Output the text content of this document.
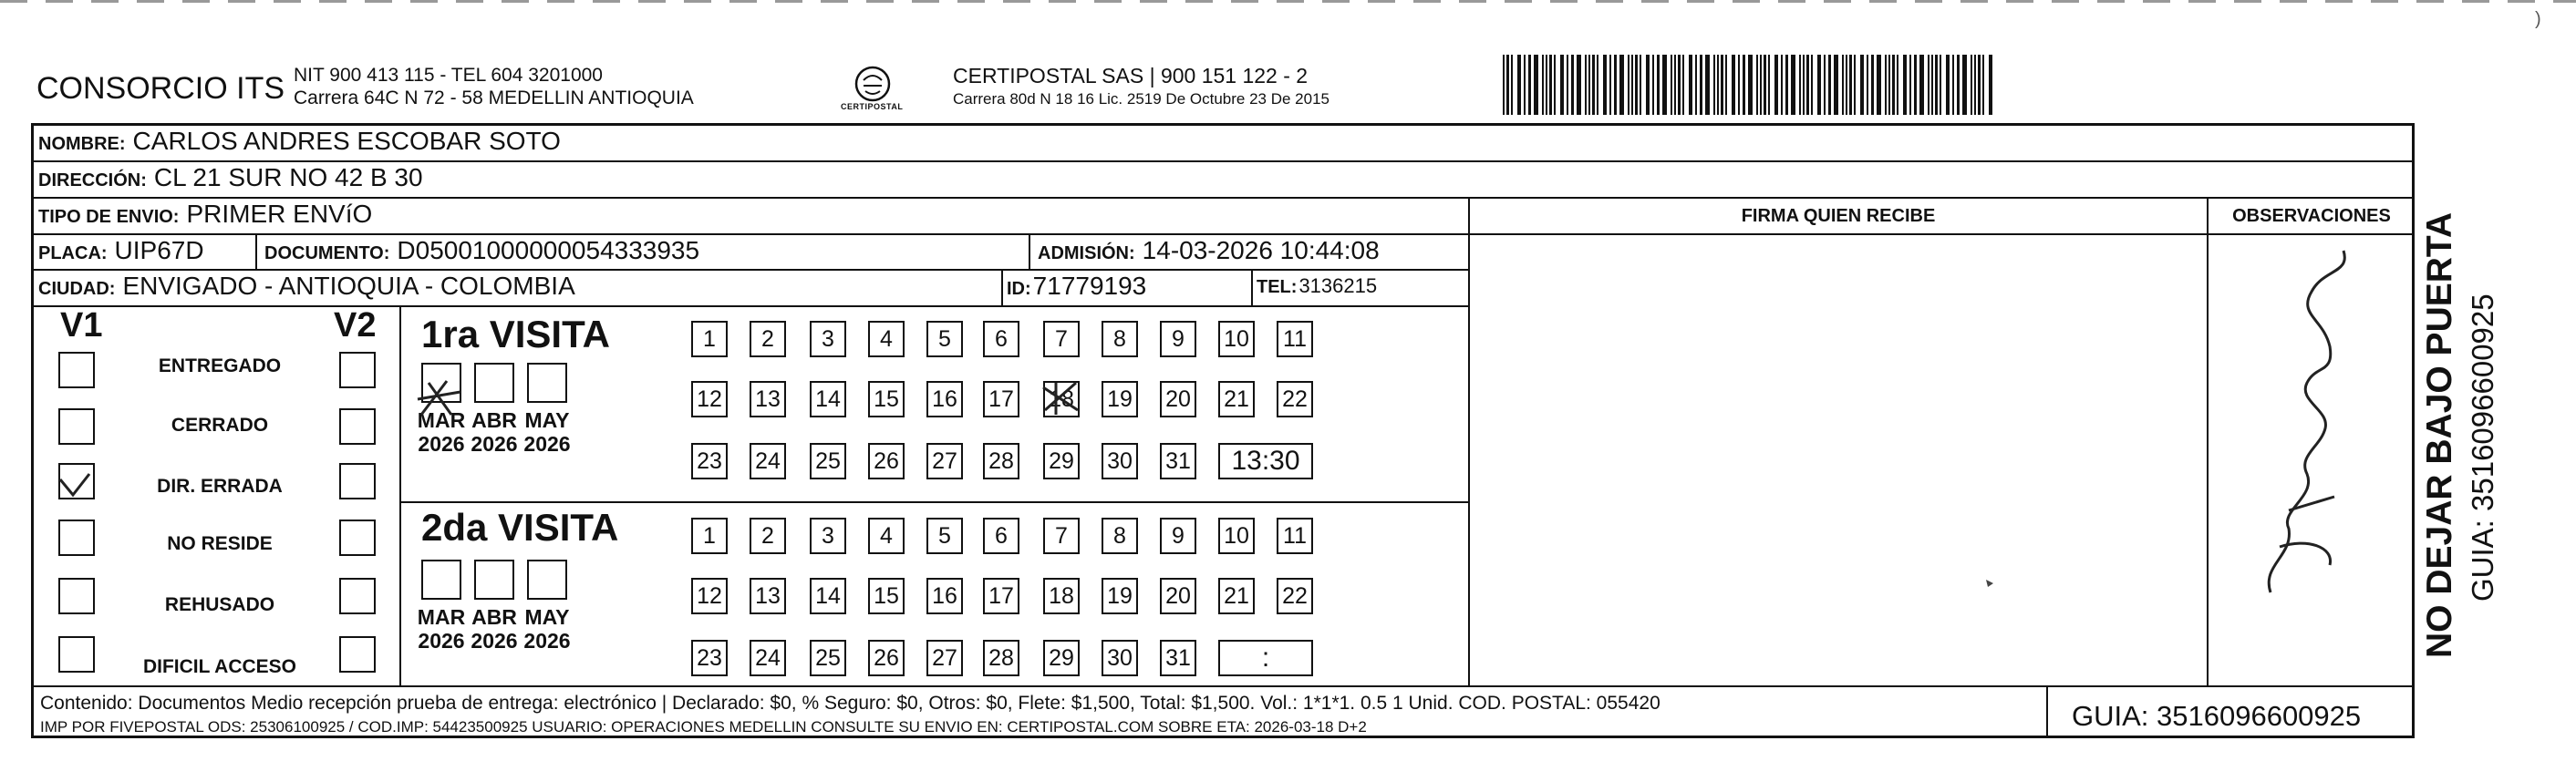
CONSORCIO ITS NIT 900 413 115 - TEL 604 3201000
Carrera 64C N 72 - 58 MEDELLIN ANTIOQUIA	CERTIPOSTAL
CERTIPOSTAL SAS | 900 151 122 - 2
Carrera 80d N 18 16 Lic. 2519 De Octubre 23 De 2015
NOMBRE: CARLOS ANDRES ESCOBAR SOTO
DIRECCIÓN: CL 21 SUR NO 42 B 30
TIPO DE ENVIO: PRIMER ENVíO
PLACA: UIP67D	DOCUMENTO: D05001000000054333935	ADMISIÓN: 14-03-2026 10:44:08
CIUDAD: ENVIGADO - ANTIOQUIA - COLOMBIA	ID: 71779193	TEL: 3136215
FIRMA QUIEN RECIBE	OBSERVACIONES
V1	V2
ENTREGADO
CERRADO
DIR. ERRADA
NO RESIDE
REHUSADO
DIFICIL ACCESO
1ra VISITA
MAR
2026
ABR
2026
MAY
2026
1	2	3	4	5	6	7	8	9	10 11
12 13 14 15 16 17 18 19 20 21 22
23 24 25 26 27 28 29 30 31	13:30
2da VISITA
MAR
2026
ABR
2026
MAY
2026
1	2	3	4	5	6	7	8	9	10 11
12 13 14 15 16 17 18 19 20 21 22
23 24 25 26 27 28 29 30 31	:
Contenido: Documentos Medio recepción prueba de entrega: electrónico | Declarado: $0, % Seguro: $0, Otros: $0, Flete: $1,500, Total: $1,500. Vol.: 1*1*1. 0.5 1 Unid. COD. POSTAL: 055420
IMP POR FIVEPOSTAL ODS: 25306100925 / COD.IMP: 54423500925 USUARIO: OPERACIONES MEDELLIN CONSULTE SU ENVIO EN: CERTIPOSTAL.COM SOBRE ETA: 2026-03-18 D+2	GUIA: 3516096600925
NO DEJAR BAJO PUERTA GUIA: 3516096600925
)
